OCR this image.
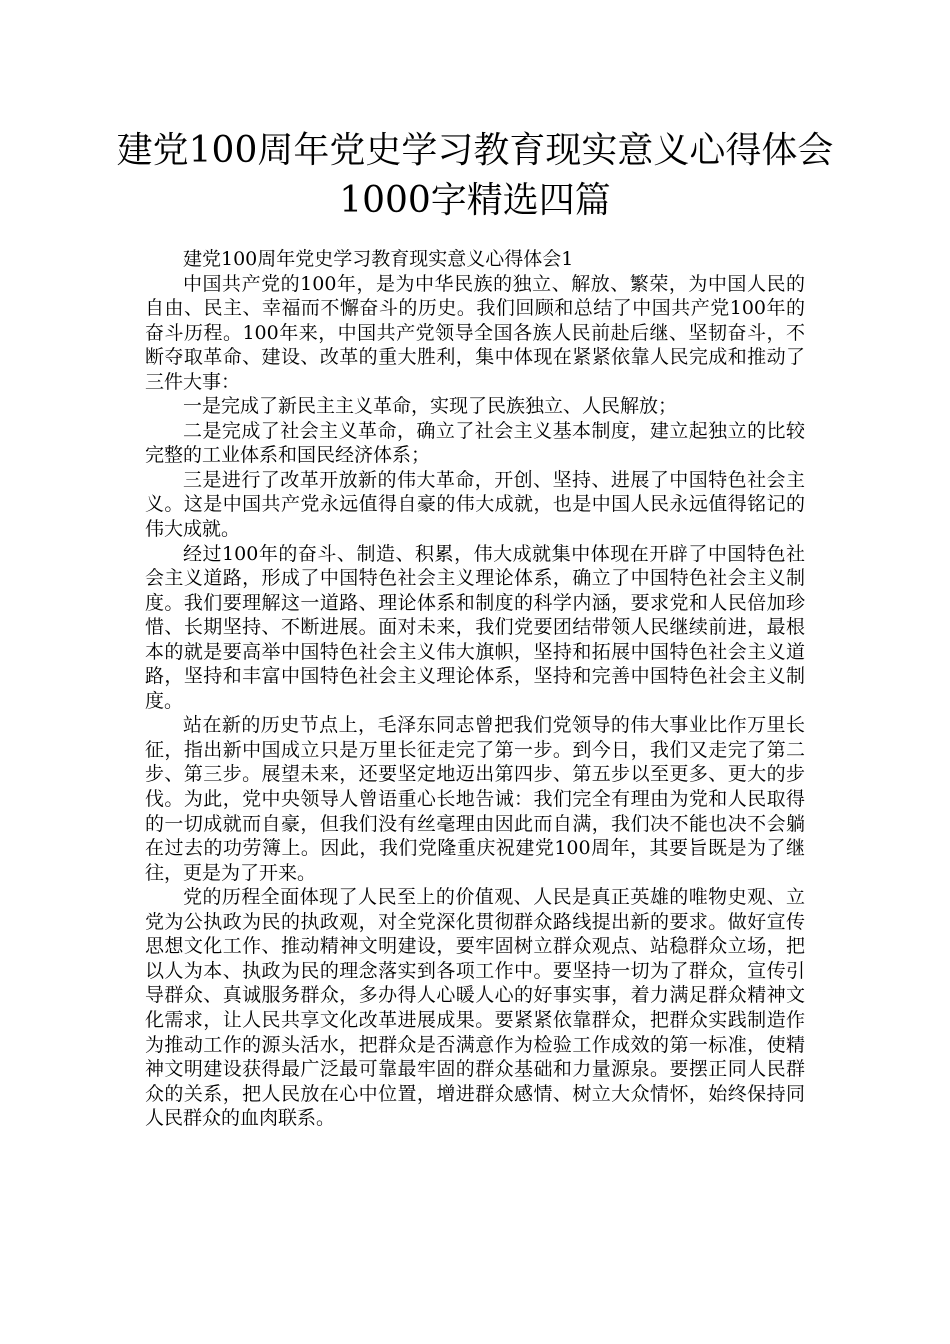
建党100周年党史学习教育现实意义心得体会1000字精选四篇

建党100周年党史学习教育现实意义心得体会1

中国共产党的100年，是为中华民族的独立、解放、繁荣，为中国人民的自由、民主、幸福而不懈奋斗的历史。我们回顾和总结了中国共产党100年的奋斗历程。100年来，中国共产党领导全国各族人民前赴后继、坚韧奋斗，不断夺取革命、建设、改革的重大胜利，集中体现在紧紧依靠人民完成和推动了三件大事：

一是完成了新民主主义革命，实现了民族独立、人民解放；

二是完成了社会主义革命，确立了社会主义基本制度，建立起独立的比较完整的工业体系和国民经济体系；

三是进行了改革开放新的伟大革命，开创、坚持、进展了中国特色社会主义。这是中国共产党永远值得自豪的伟大成就，也是中国人民永远值得铭记的伟大成就。

经过100年的奋斗、制造、积累，伟大成就集中体现在开辟了中国特色社会主义道路，形成了中国特色社会主义理论体系，确立了中国特色社会主义制度。我们要理解这一道路、理论体系和制度的科学内涵，要求党和人民倍加珍惜、长期坚持、不断进展。面对未来，我们党要团结带领人民继续前进，最根本的就是要高举中国特色社会主义伟大旗帜，坚持和拓展中国特色社会主义道路，坚持和丰富中国特色社会主义理论体系，坚持和完善中国特色社会主义制度。

站在新的历史节点上，毛泽东同志曾把我们党领导的伟大事业比作万里长征，指出新中国成立只是万里长征走完了第一步。到今日，我们又走完了第二步、第三步。展望未来，还要坚定地迈出第四步、第五步以至更多、更大的步伐。为此，党中央领导人曾语重心长地告诫：我们完全有理由为党和人民取得的一切成就而自豪，但我们没有丝毫理由因此而自满，我们决不能也决不会躺在过去的功劳簿上。因此，我们党隆重庆祝建党100周年，其要旨既是为了继往，更是为了开来。

党的历程全面体现了人民至上的价值观、人民是真正英雄的唯物史观、立党为公执政为民的执政观，对全党深化贯彻群众路线提出新的要求。做好宣传思想文化工作、推动精神文明建设，要牢固树立群众观点、站稳群众立场，把以人为本、执政为民的理念落实到各项工作中。要坚持一切为了群众，宣传引导群众、真诚服务群众，多办得人心暖人心的好事实事，着力满足群众精神文化需求，让人民共享文化改革进展成果。要紧紧依靠群众，把群众实践制造作为推动工作的源头活水，把群众是否满意作为检验工作成效的第一标准，使精神文明建设获得最广泛最可靠最牢固的群众基础和力量源泉。要摆正同人民群众的关系，把人民放在心中位置，增进群众感情、树立大众情怀，始终保持同人民群众的血肉联系。
